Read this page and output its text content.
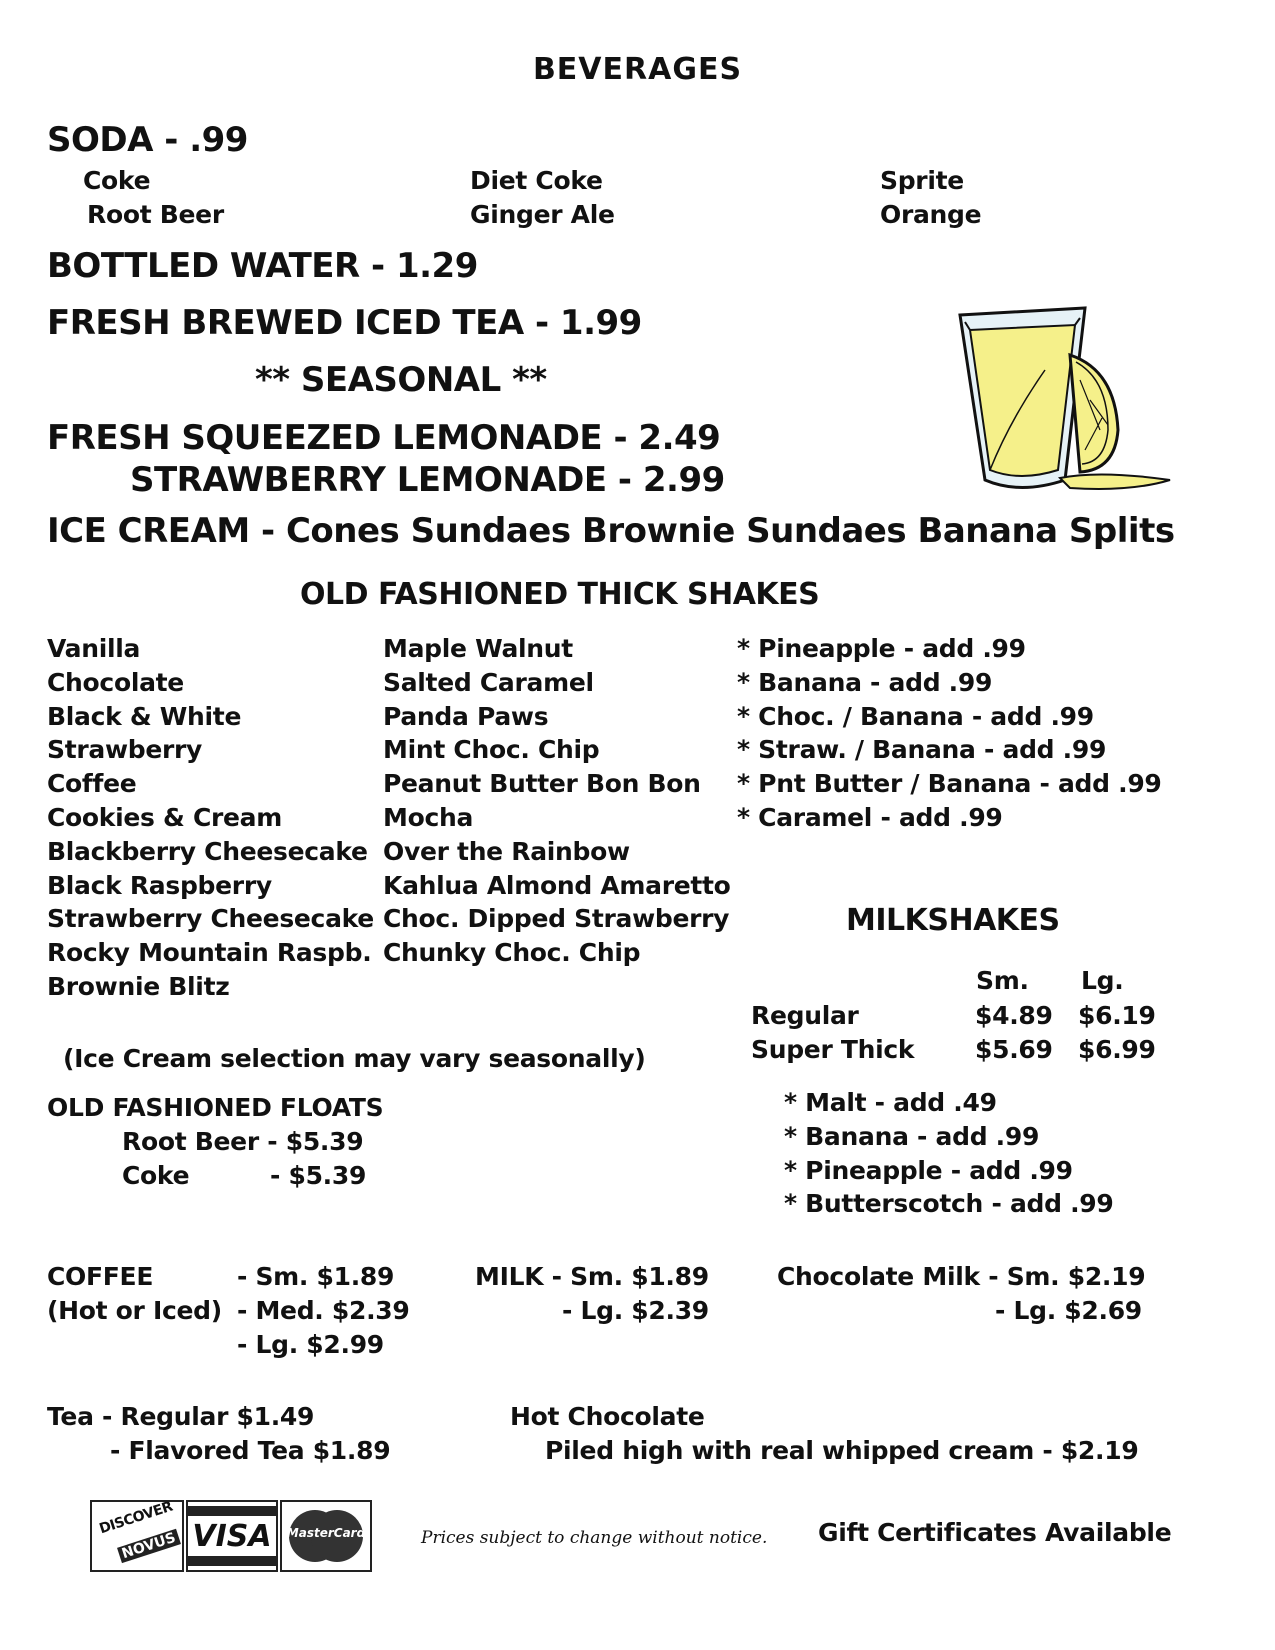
BEVERAGES
SODA - .99
Coke	Diet Coke	Sprite
Root Beer	Ginger Ale	Orange
BOTTLED WATER - 1.29
FRESH BREWED ICED TEA - 1.99
** SEASONAL **
FRESH SQUEEZED LEMONADE - 2.49
STRAWBERRY LEMONADE - 2.99
ICE CREAM - Cones Sundaes Brownie Sundaes Banana Splits
OLD FASHIONED THICK SHAKES
Vanilla
Chocolate
Black & White
Strawberry
Coffee
Cookies & Cream
Blackberry Cheesecake
Black Raspberry
Strawberry Cheesecake
Rocky Mountain Raspb.
Brownie Blitz
Maple Walnut
Salted Caramel
Panda Paws
Mint Choc. Chip
Peanut Butter Bon Bon
Mocha
Over the Rainbow
Kahlua Almond Amaretto
Choc. Dipped Strawberry
Chunky Choc. Chip
* Pineapple - add .99
* Banana - add .99
* Choc. / Banana - add .99
* Straw. / Banana - add .99
* Pnt Butter / Banana - add .99
* Caramel - add .99
(Ice Cream selection may vary seasonally)
MILKSHAKES
Sm. Lg.
Regular	$4.89 $6.19
Super Thick $5.69 $6.99
* Malt - add .49
* Banana - add .99
* Pineapple - add .99
* Butterscotch - add .99
OLD FASHIONED FLOATS
Root Beer - $5.39
Coke	- $5.39
COFFEE
(Hot or Iced)
- Sm. $1.89
- Med. $2.39
- Lg. $2.99
MILK - Sm. $1.89
- Lg. $2.39
Chocolate Milk - Sm. $2.19
- Lg. $2.69
Tea - Regular $1.49
- Flavored Tea $1.89
Hot Chocolate
Piled high with real whipped cream - $2.19
DISCOVER
NOVUS VISA	MasterCard	Prices subject to change without notice. Gift Certificates Available
